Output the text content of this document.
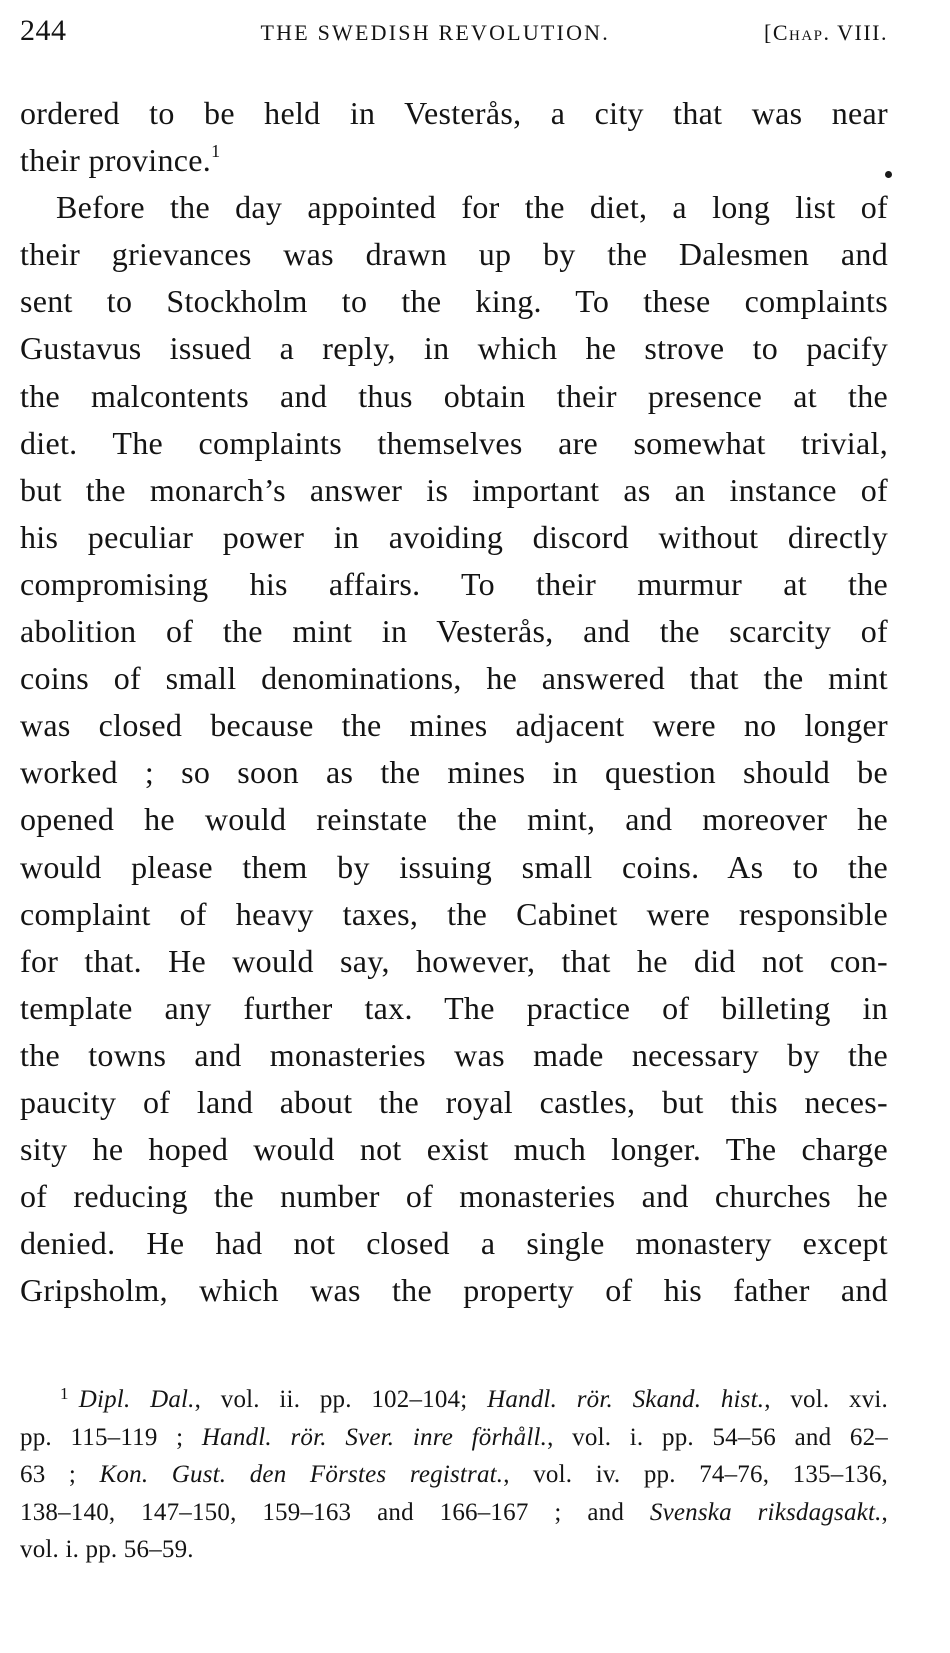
244	THE SWEDISH REVOLUTION.	[Chap. VIII.
ordered to be held in Vesterås, a city that was near
their province.$^1$
Before the day appointed for the diet, a long list of
their grievances was drawn up by the Dalesmen and
sent to Stockholm to the king. To these complaints
Gustavus issued a reply, in which he strove to pacify
the malcontents and thus obtain their presence at the
diet. The complaints themselves are somewhat trivial,
but the monarch’s answer is important as an instance of
his peculiar power in avoiding discord without directly
compromising his affairs. To their murmur at the
abolition of the mint in Vesterås, and the scarcity of
coins of small denominations, he answered that the mint
was closed because the mines adjacent were no longer
worked ; so soon as the mines in question should be
opened he would reinstate the mint, and moreover he
would please them by issuing small coins. As to the
complaint of heavy taxes, the Cabinet were responsible
for that. He would say, however, that he did not con-
template any further tax. The practice of billeting in
the towns and monasteries was made necessary by the
paucity of land about the royal castles, but this neces-
sity he hoped would not exist much longer. The charge
of reducing the number of monasteries and churches he
denied. He had not closed a single monastery except
Gripsholm, which was the property of his father and
$^1$ Dipl. Dal., vol. ii. pp. 102–104; Handl. rör. Skand. hist., vol. xvi.
pp. 115–119 ; Handl. rör. Sver. inre förhåll., vol. i. pp. 54–56 and 62–
63 ; Kon. Gust. den Förstes registrat., vol. iv. pp. 74–76, 135–136,
138–140, 147–150, 159–163 and 166–167 ; and Svenska riksdagsakt.,
vol. i. pp. 56–59.
